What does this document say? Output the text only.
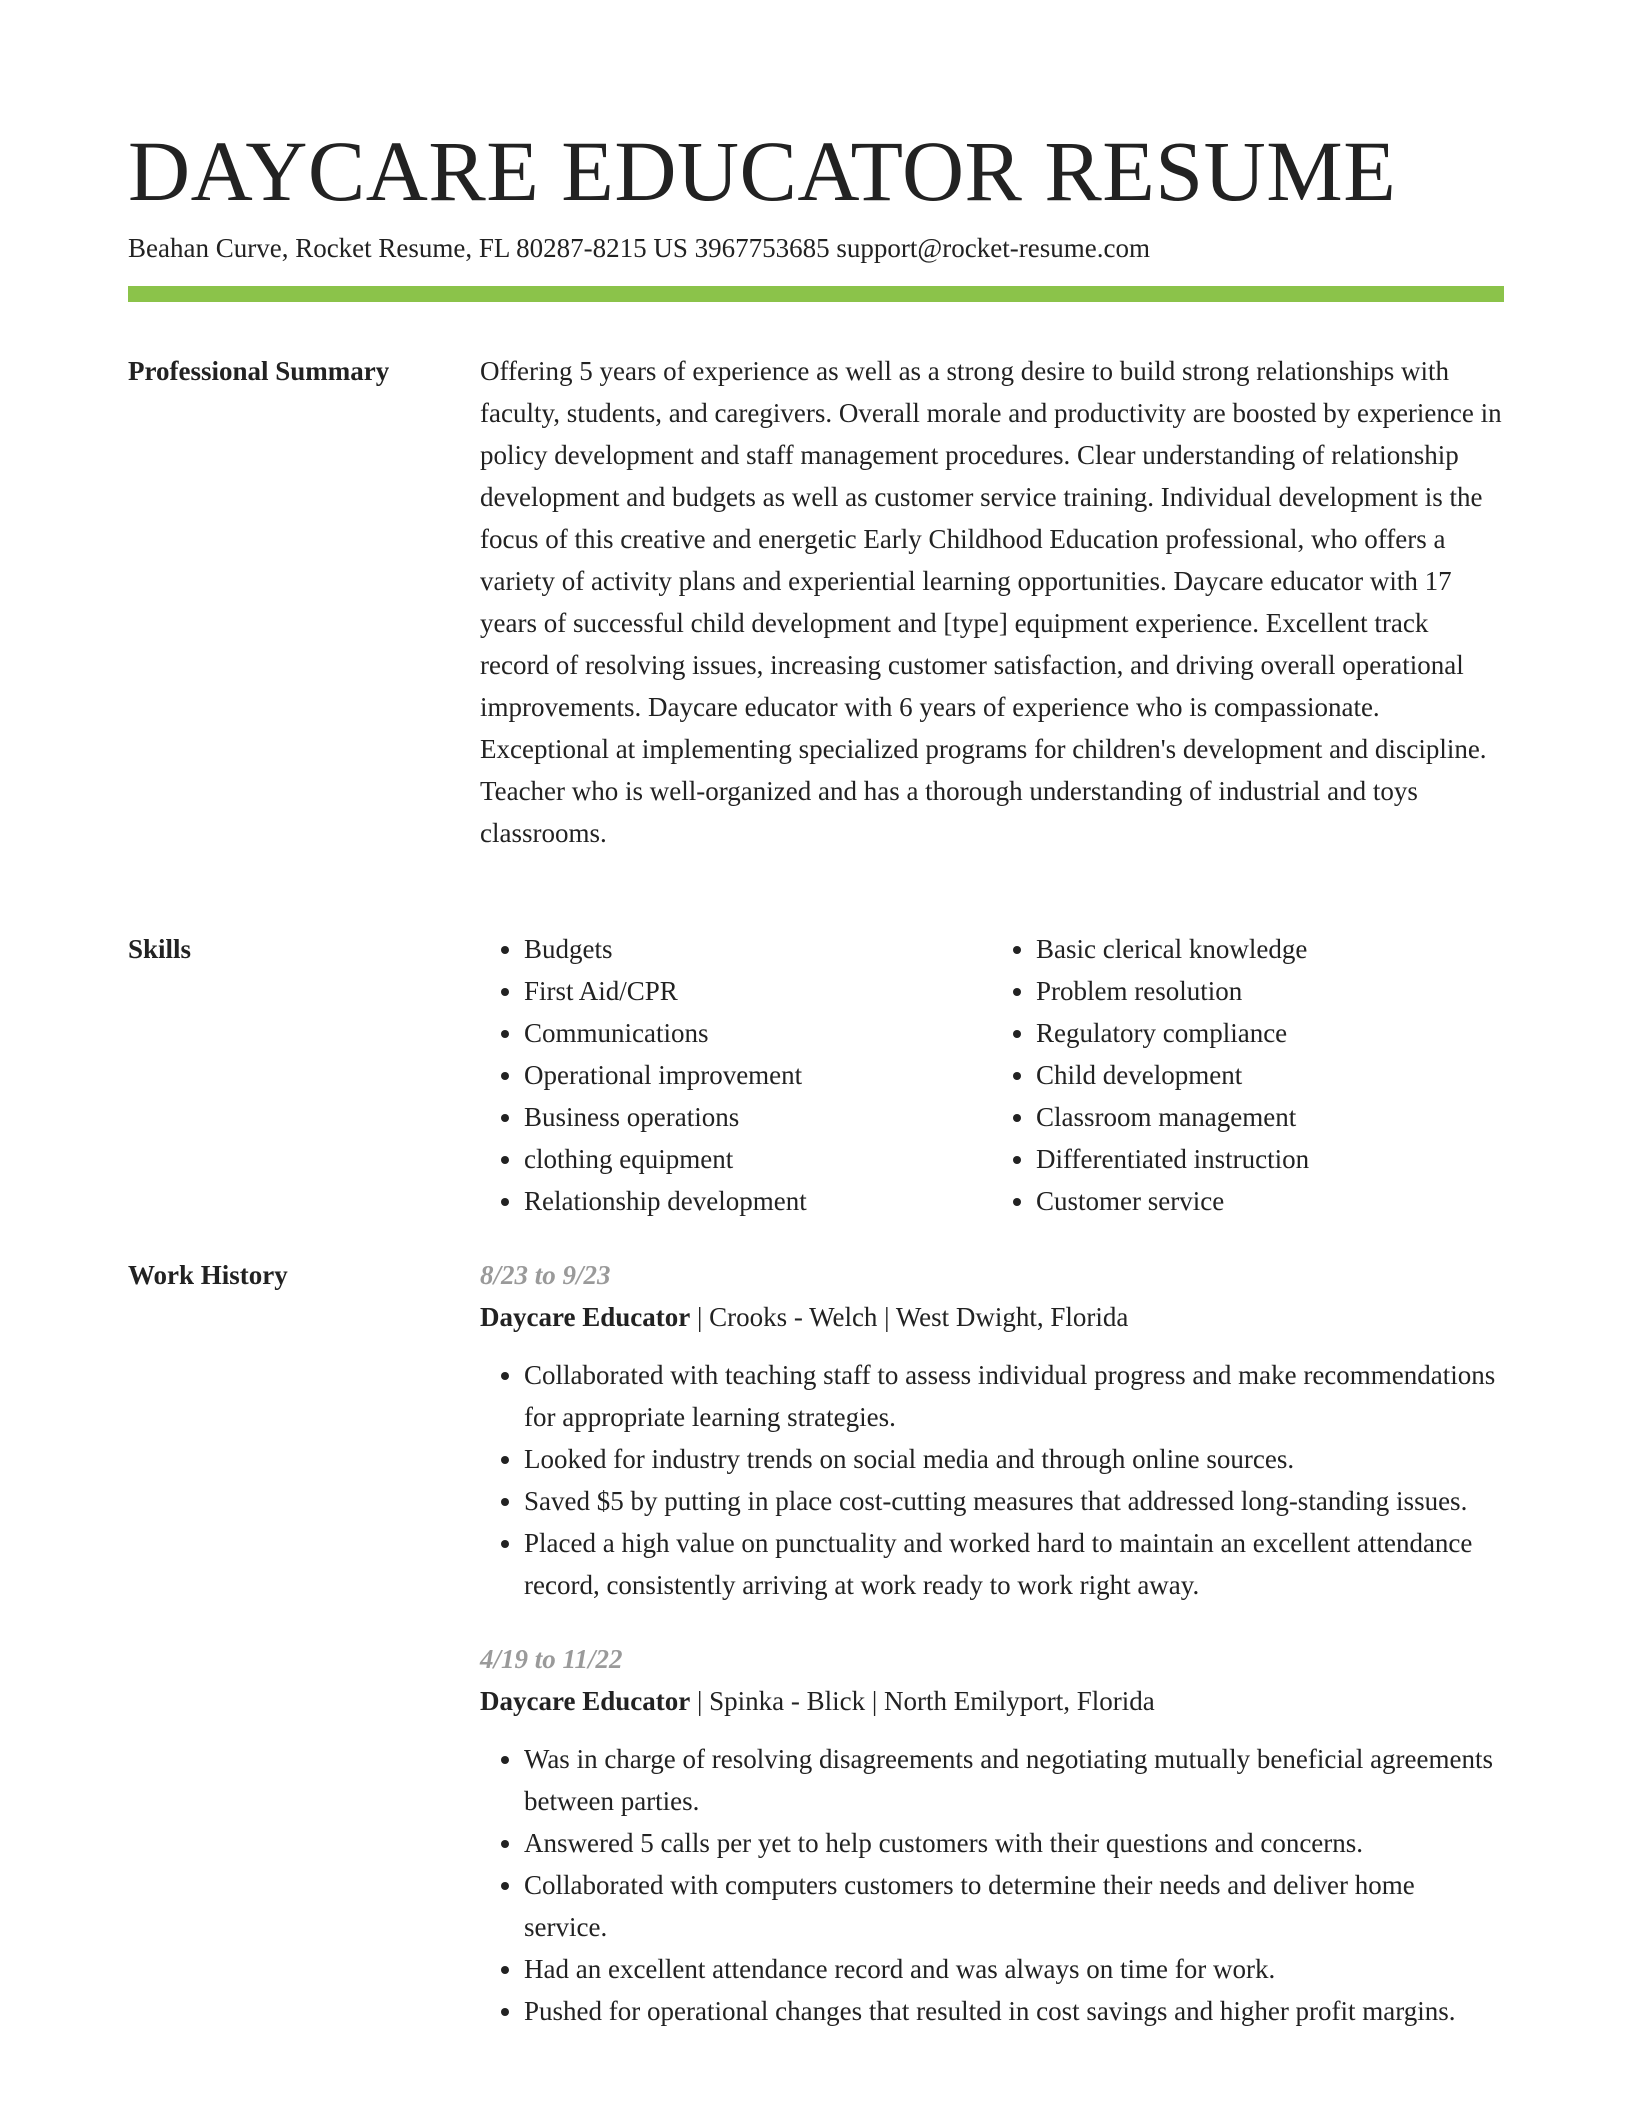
DAYCARE EDUCATOR RESUME
Beahan Curve, Rocket Resume, FL 80287-8215 US 3967753685 support@rocket-resume.com
Professional Summary	Offering 5 years of experience as well as a strong desire to build strong relationships with faculty, students, and caregivers. Overall morale and productivity are boosted by experience in policy development and staff management procedures. Clear understanding of relationship development and budgets as well as customer service training. Individual development is the focus of this creative and energetic Early Childhood Education professional, who offers a variety of activity plans and experiential learning opportunities. Daycare educator with 17 years of successful child development and [type] equipment experience. Excellent track record of resolving issues, increasing customer satisfaction, and driving overall operational improvements. Daycare educator with 6 years of experience who is compassionate. Exceptional at implementing specialized programs for children's development and discipline. Teacher who is well-organized and has a thorough understanding of industrial and toys classrooms.

Skills
•	Budgets
• First Aid/CPR
• Communications
• Operational improvement
• Business operations
• clothing equipment
• Relationship development
• Basic clerical knowledge
• Problem resolution
• Regulatory compliance
• Child development
• Classroom management
• Differentiated instruction
• Customer service
Work History	8/23 to 9/23
Daycare Educator | Crooks - Welch | West Dwight, Florida
• Collaborated with teaching staff to assess individual progress and make recommendations for appropriate learning strategies.
• Looked for industry trends on social media and through online sources.
• Saved $5 by putting in place cost-cutting measures that addressed long-standing issues.
• Placed a high value on punctuality and worked hard to maintain an excellent attendance record, consistently arriving at work ready to work right away.
4/19 to 11/22
Daycare Educator | Spinka - Blick | North Emilyport, Florida
• Was in charge of resolving disagreements and negotiating mutually beneficial agreements between parties.
• Answered 5 calls per yet to help customers with their questions and concerns.
• Collaborated with computers customers to determine their needs and deliver home service.
• Had an excellent attendance record and was always on time for work.
• Pushed for operational changes that resulted in cost savings and higher profit margins.
